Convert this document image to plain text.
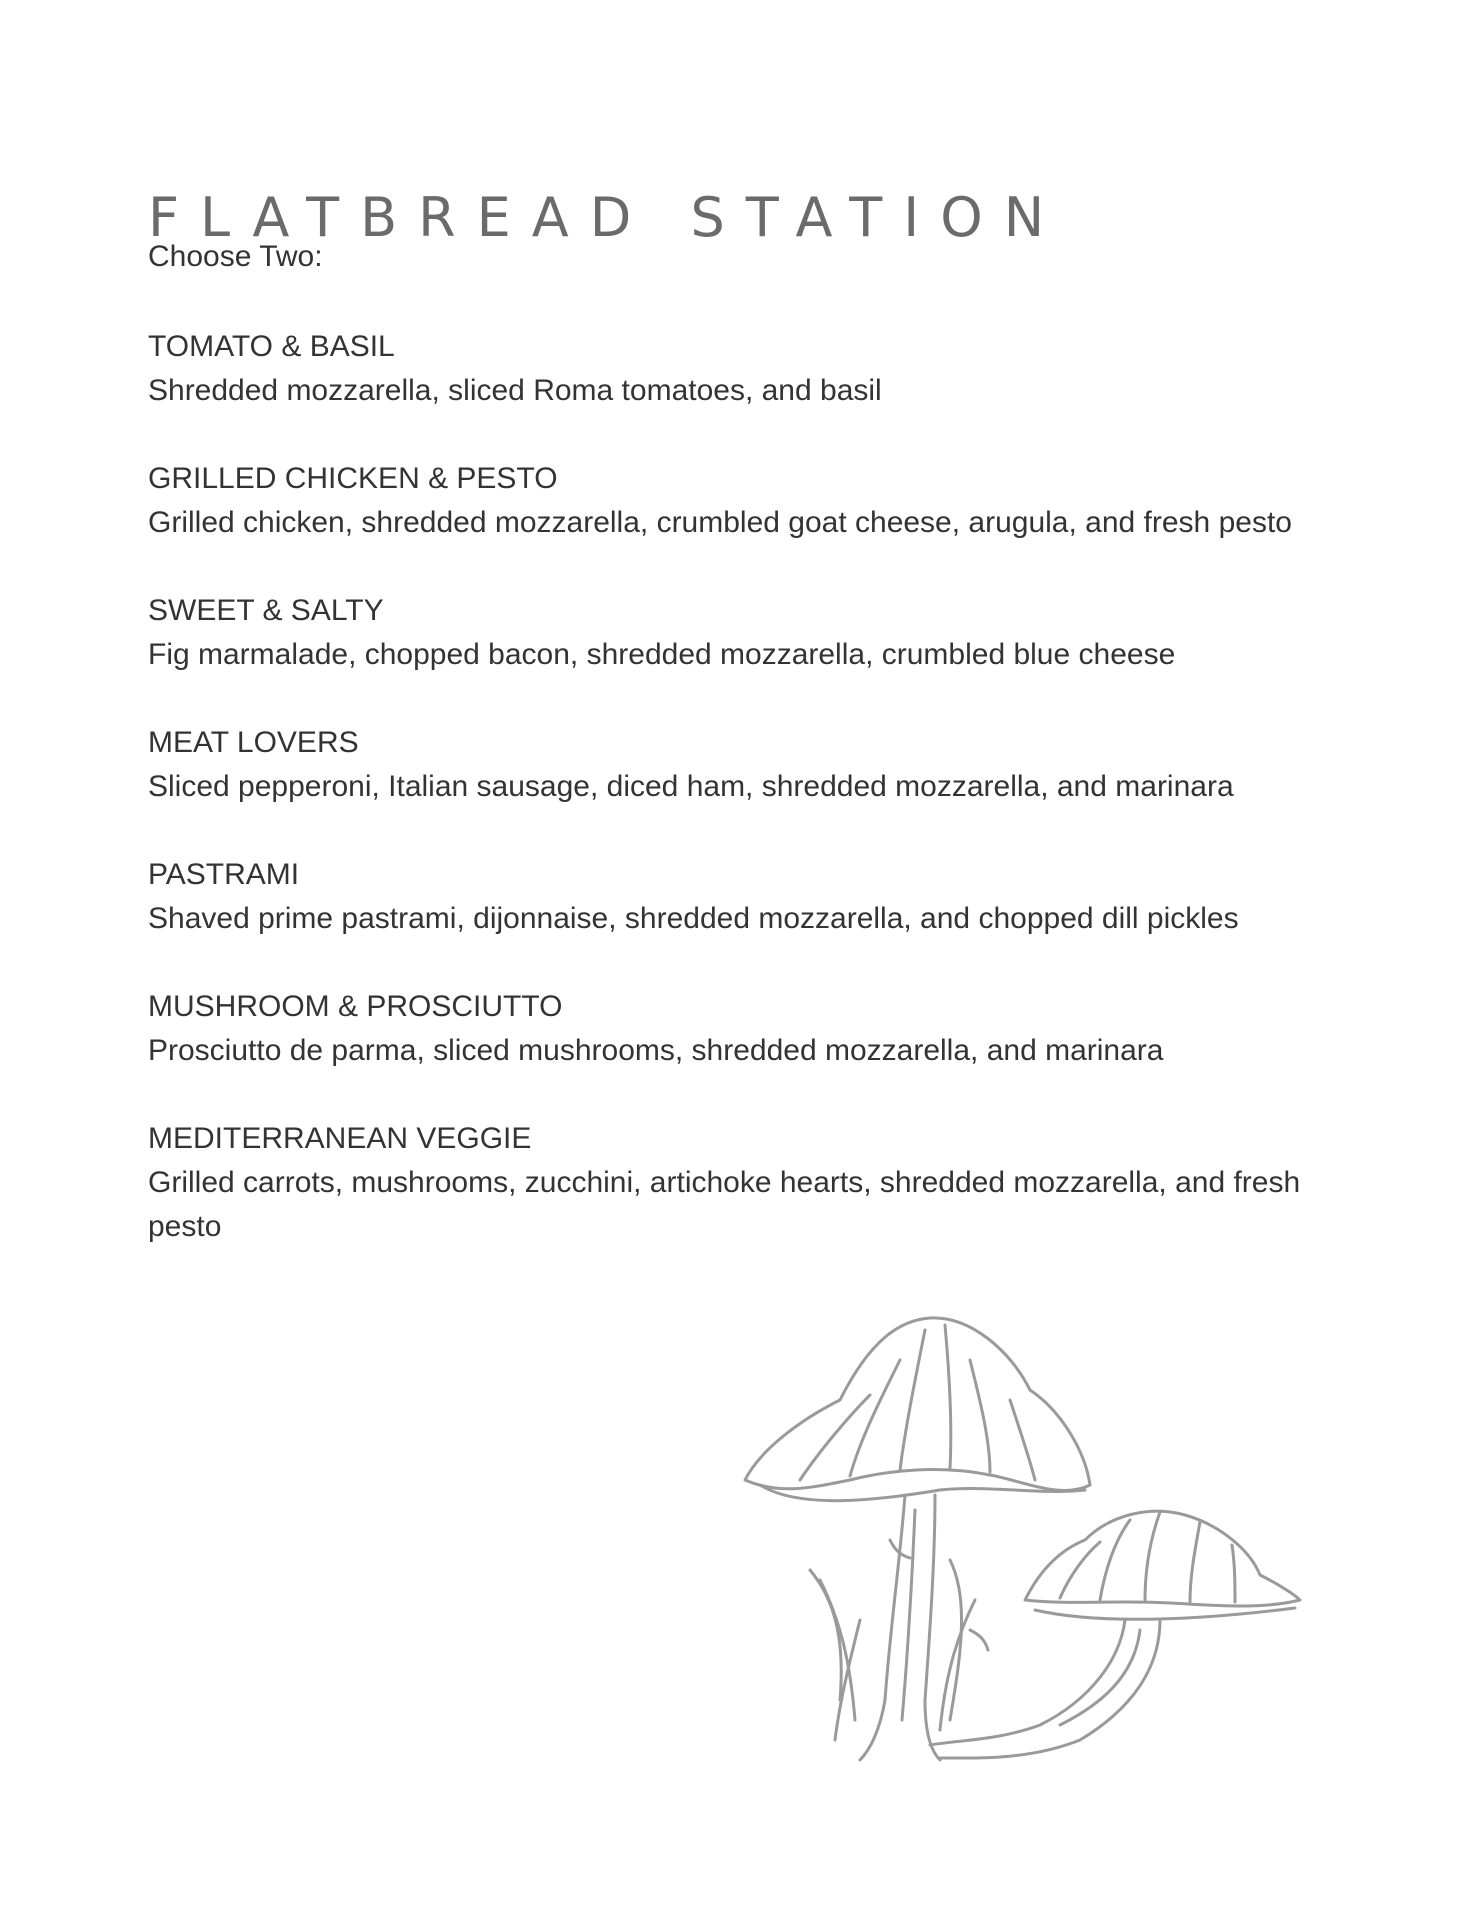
FLATBREAD STATION
Choose Two:
TOMATO & BASIL
Shredded mozzarella, sliced Roma tomatoes, and basil
GRILLED CHICKEN & PESTO
Grilled chicken, shredded mozzarella, crumbled goat cheese, arugula, and fresh pesto
SWEET & SALTY
Fig marmalade, chopped bacon, shredded mozzarella, crumbled blue cheese
MEAT LOVERS
Sliced pepperoni, Italian sausage, diced ham, shredded mozzarella, and marinara
PASTRAMI
Shaved prime pastrami, dijonnaise, shredded mozzarella, and chopped dill pickles
MUSHROOM & PROSCIUTTO
Prosciutto de parma, sliced mushrooms, shredded mozzarella, and marinara
MEDITERRANEAN VEGGIE
Grilled carrots, mushrooms, zucchini, artichoke hearts, shredded mozzarella, and fresh pesto
